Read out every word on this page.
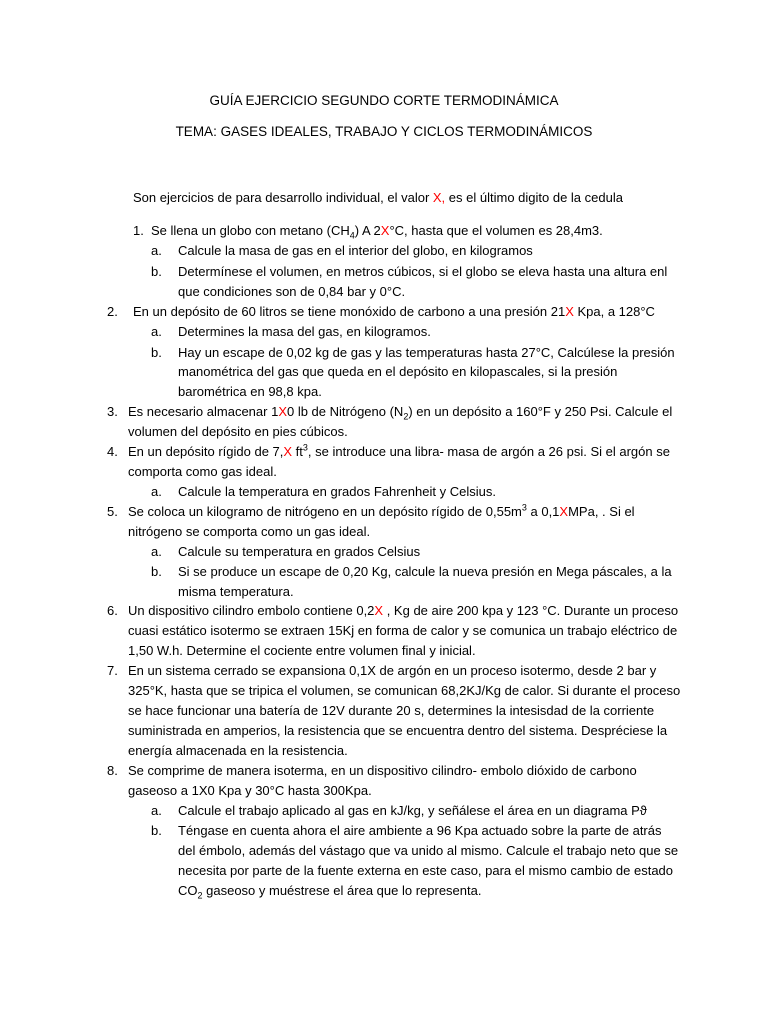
GUÍA EJERCICIO SEGUNDO CORTE TERMODINÁMICA
TEMA: GASES IDEALES, TRABAJO Y CICLOS TERMODINÁMICOS
Son ejercicios de para desarrollo individual, el valor X, es el último digito de la cedula
1. Se llena un globo con metano $(CH_4)$ A 2X°C, hasta que el volumen es 28,4m3.
a. Calcule la masa de gas en el interior del globo, en kilogramos
b. Determínese el volumen, en metros cúbicos, si el globo se eleva hasta una altura enl
que condiciones son de 0,84 bar y 0°C.
2. En un depósito de 60 litros se tiene monóxido de carbono a una presión 21X Kpa, a 128°C
a. Determines la masa del gas, en kilogramos.
b. Hay un escape de 0,02 kg de gas y las temperaturas hasta 27°C, Calcúlese la presión
manométrica del gas que queda en el depósito en kilopascales, si la presión
barométrica en 98,8 kpa.
3. Es necesario almacenar 1X0 lb de Nitrógeno $(N_2)$ en un depósito a 160°F y 250 Psi. Calcule el
volumen del depósito en pies cúbicos.
4. En un depósito rígido de 7,X $ft^3$, se introduce una libra- masa de argón a 26 psi. Si el argón se
comporta como gas ideal.
a. Calcule la temperatura en grados Fahrenheit y Celsius.
5. Se coloca un kilogramo de nitrógeno en un depósito rígido de $0,55m^3$ a 0,1XMPa, . Si el
nitrógeno se comporta como un gas ideal.
a. Calcule su temperatura en grados Celsius
b. Si se produce un escape de 0,20 Kg, calcule la nueva presión en Mega páscales, a la
misma temperatura.
6. Un dispositivo cilindro embolo contiene 0,2X , Kg de aire 200 kpa y 123 °C. Durante un proceso
cuasi estático isotermo se extraen 15Kj en forma de calor y se comunica un trabajo eléctrico de
1,50 W.h. Determine el cociente entre volumen final y inicial.
7. En un sistema cerrado se expansiona 0,1X de argón en un proceso isotermo, desde 2 bar y
325°K, hasta que se tripica el volumen, se comunican 68,2KJ/Kg de calor. Si durante el proceso
se hace funcionar una batería de 12V durante 20 s, determines la intesisdad de la corriente
suministrada en amperios, la resistencia que se encuentra dentro del sistema. Despréciese la
energía almacenada en la resistencia.
8. Se comprime de manera isoterma, en un dispositivo cilindro- embolo dióxido de carbono
gaseoso a 1X0 Kpa y 30°C hasta 300Kpa.
a. Calcule el trabajo aplicado al gas en kJ/kg, y señálese el área en un diagrama Pϑ
b. Téngase en cuenta ahora el aire ambiente a 96 Kpa actuado sobre la parte de atrás
del émbolo, además del vástago que va unido al mismo. Calcule el trabajo neto que se
necesita por parte de la fuente externa en este caso, para el mismo cambio de estado
$CO_2$ gaseoso y muéstrese el área que lo representa.
